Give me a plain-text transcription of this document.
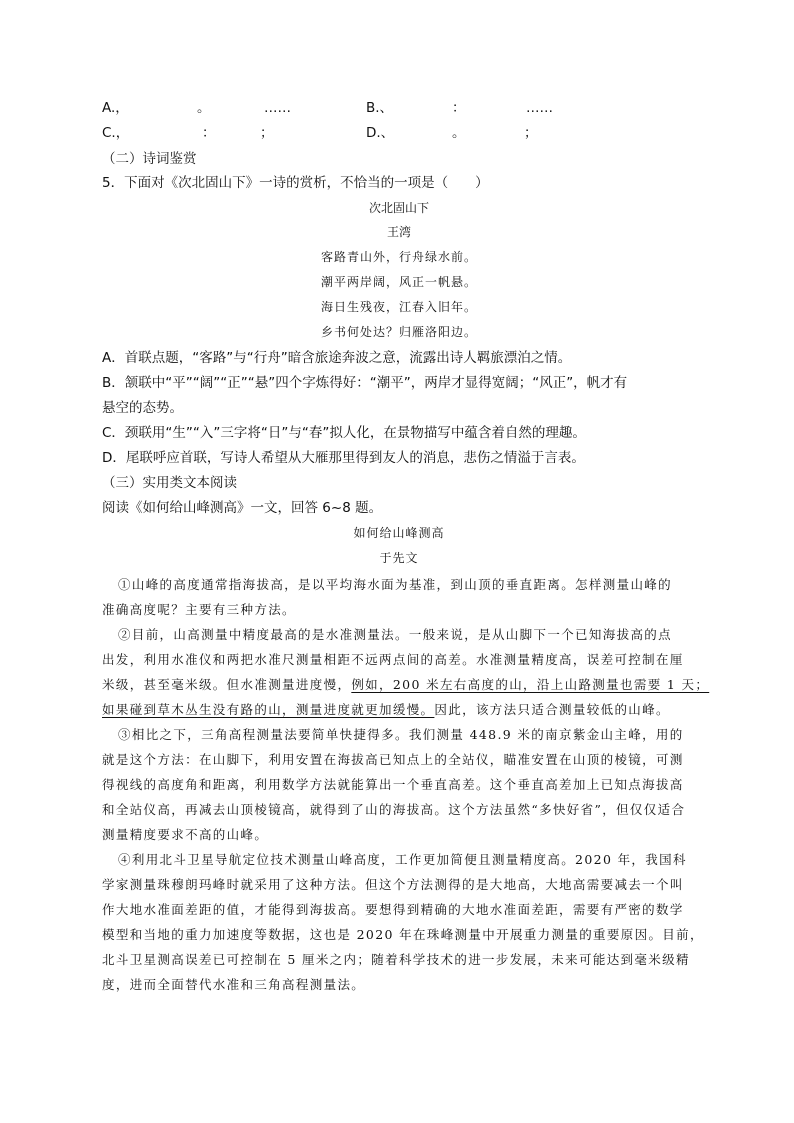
A.，	。	……	B.、	：	……
C.，	：	；	D.、	。	；
（二）诗词鉴赏
5．下面对《次北固山下》一诗的赏析，不恰当的一项是（　　）
次北固山下
王湾
客路青山外，行舟绿水前。
潮平两岸阔，风正一帆悬。
海日生残夜，江春入旧年。
乡书何处达？归雁洛阳边。
A．首联点题，“客路”与“行舟”暗含旅途奔波之意，流露出诗人羁旅漂泊之情。
B．颔联中“平”“阔”“正”“悬”四个字炼得好：“潮平”，两岸才显得宽阔；“风正”，帆才有
悬空的态势。
C．颈联用“生”“入”三字将“日”与“春”拟人化，在景物描写中蕴含着自然的理趣。
D．尾联呼应首联，写诗人希望从大雁那里得到友人的消息，悲伤之情溢于言表。
（三）实用类文本阅读
阅读《如何给山峰测高》一文，回答 6~8 题。
如何给山峰测高
于先文
①山峰的高度通常指海拔高，是以平均海水面为基准，到山顶的垂直距离。怎样测量山峰的
准确高度呢？主要有三种方法。
②目前，山高测量中精度最高的是水准测量法。一般来说，是从山脚下一个已知海拔高的点
出发，利用水准仪和两把水准尺测量相距不远两点间的高差。水准测量精度高，误差可控制在厘
米级，甚至毫米级。但水准测量进度慢，例如，200 米左右高度的山，沿上山路测量也需要 1 天；
如果碰到草木丛生没有路的山，测量进度就更加缓慢。因此，该方法只适合测量较低的山峰。
③相比之下，三角高程测量法要简单快捷得多。我们测量 448.9 米的南京紫金山主峰，用的
就是这个方法：在山脚下，利用安置在海拔高已知点上的全站仪，瞄准安置在山顶的棱镜，可测
得视线的高度角和距离，利用数学方法就能算出一个垂直高差。这个垂直高差加上已知点海拔高
和全站仪高，再减去山顶棱镜高，就得到了山的海拔高。这个方法虽然“多快好省”，但仅仅适合
测量精度要求不高的山峰。
④利用北斗卫星导航定位技术测量山峰高度，工作更加简便且测量精度高。2020 年，我国科
学家测量珠穆朗玛峰时就采用了这种方法。但这个方法测得的是大地高，大地高需要减去一个叫
作大地水准面差距的值，才能得到海拔高。要想得到精确的大地水准面差距，需要有严密的数学
模型和当地的重力加速度等数据，这也是 2020 年在珠峰测量中开展重力测量的重要原因。目前，
北斗卫星测高误差已可控制在 5 厘米之内；随着科学技术的进一步发展，未来可能达到毫米级精
度，进而全面替代水准和三角高程测量法。
